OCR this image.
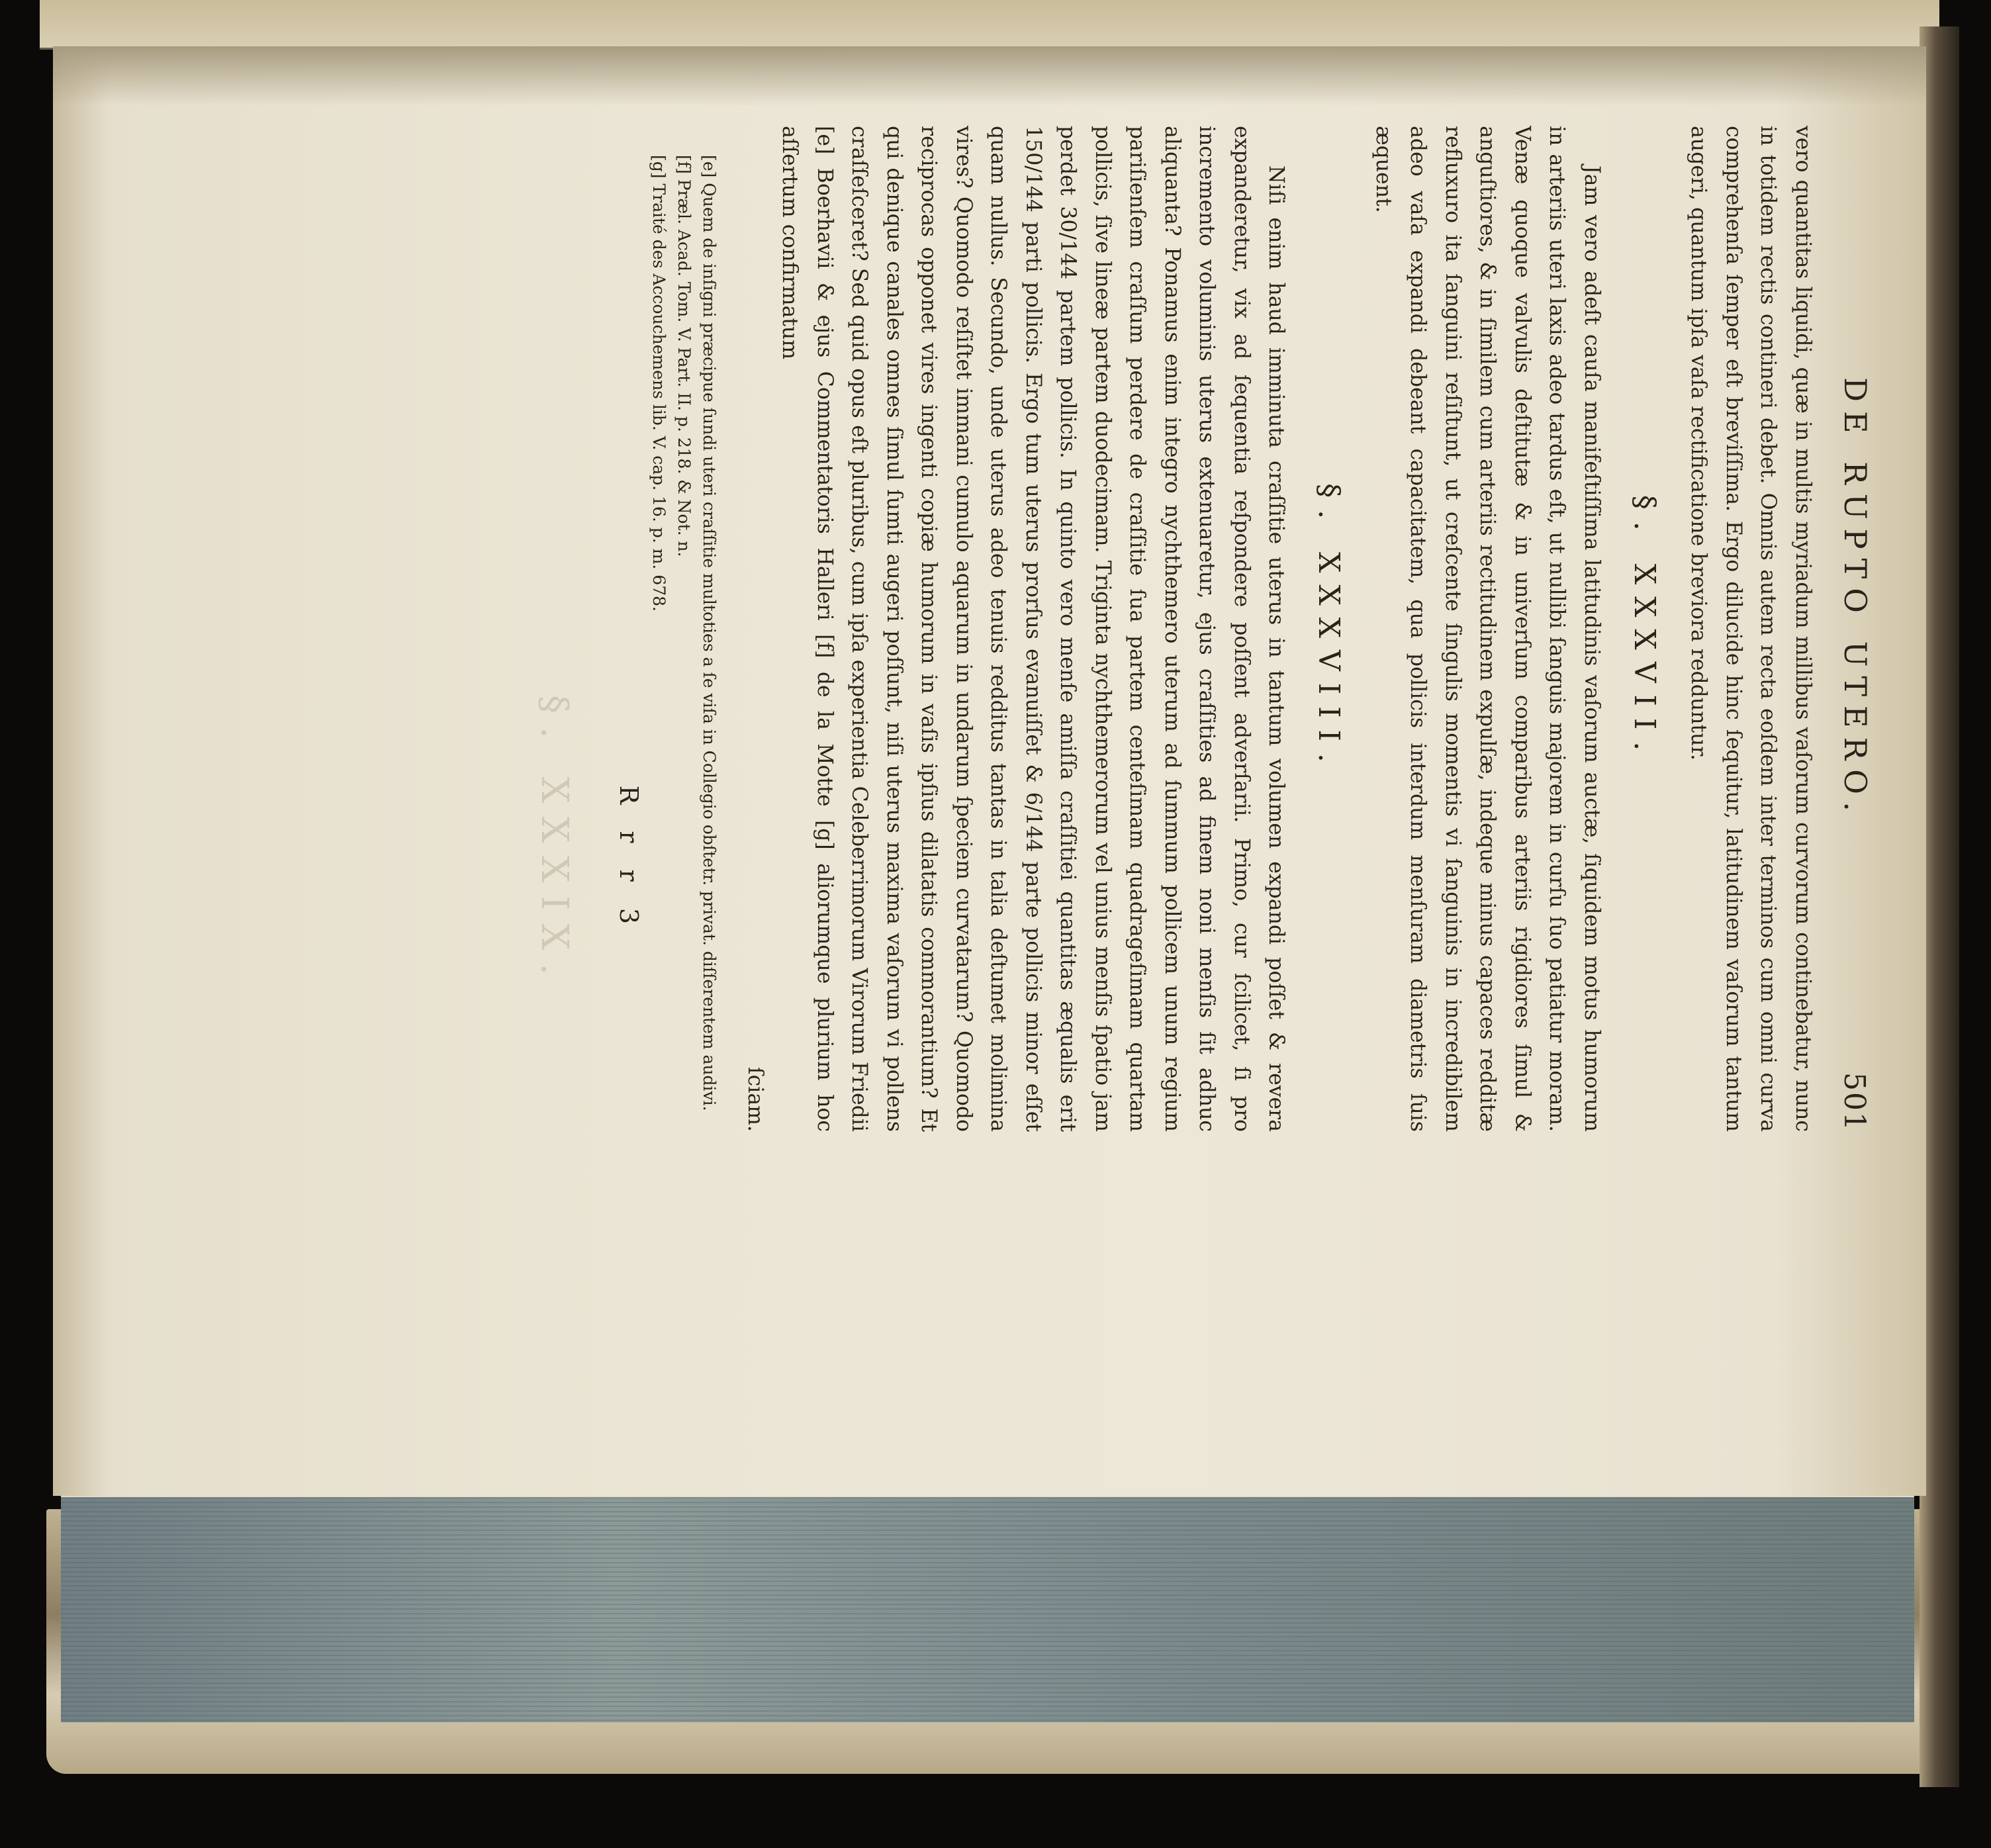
§. XXXIX.
DE RUPTO UTERO.
501

vero quantitas liquidi, quæ in multis myriadum millibus vaſorum curvorum continebatur, nunc in totidem rectis contineri debet. Omnis autem recta eoſdem inter terminos cum omni curva comprehenſa ſemper eſt breviſſima. Ergo dilucide hinc ſequitur, latitudinem vaſorum tantum augeri, quantum ipſa vaſa rectificatione breviora redduntur.

§. XXXVII.

Jam vero adeſt cauſa manifeſtiſſima latitudinis vaſorum auctæ, ſiquidem motus humorum in arteriis uteri laxis adeo tardus eſt, ut nullibi ſanguis majorem in curſu ſuo patiatur moram. Venæ quoque valvulis deſtitutæ & in univerſum comparibus arteriis rigidiores ſimul & anguſtiores, & in ſimilem cum arteriis rectitudinem expulſæ, indeque minus capaces redditæ refluxuro ita ſanguini reſiſtunt, ut creſcente ſingulis momentis vi ſanguinis in incredibilem adeo vaſa expandi debeant capacitatem, qua pollicis interdum menſuram diametris ſuis æquent.

§. XXXVIII.

Niſi enim haud imminuta craſſitie uterus in tantum volumen expandi poſſet & revera expanderetur, vix ad ſequentia reſpondere poſſent adverſarii. Primo, cur ſcilicet, ſi pro incremento voluminis uterus extenuaretur, ejus craſſities ad finem noni menſis ſit adhuc aliquanta? Ponamus enim integro nychthemero uterum ad ſummum pollicem unum regium pariſienſem craſſum perdere de craſſitie ſua partem centeſimam quadrageſimam quartam pollicis, ſive lineæ partem duodecimam. Triginta nychthemerorum vel unius menſis ſpatio jam perdet 30/144 partem pollicis. In quinto vero menſe amiſſa craſſitiei quantitas æqualis erit 150/144 parti pollicis. Ergo tum uterus prorſus evanuiſſet & 6/144 parte pollicis minor eſſet quam nullus. Secundo, unde uterus adeo tenuis redditus tantas in talia deſtumet molimina vires? Quomodo reſiſtet immani cumulo aquarum in undarum ſpeciem curvatarum? Quomodo reciprocas opponet vires ingenti copiæ humorum in vaſis ipſius dilatatis commorantium? Et qui denique canales omnes ſimul ſumti augeri poſſunt, niſi uterus maxima vaſorum vi pollens craſſeſceret? Sed quid opus eſt pluribus, cum ipſa experientia Celeberrimorum Virorum Friedii [e] Boerhavii & ejus Commentatoris Halleri [f] de la Motte [g] aliorumque plurium hoc aſſertum confirmatum

ſciam.
[e] Quem de inſigni præcipue ſundi uteri craſſitie multoties a ſe viſa in Collegio obſtetr. privat. diſſerentem audivi.
[f] Præl. Acad. Tom. V. Part. II. p. 218. & Not. n.
[g] Traité des Accouchemens lib. V. cap. 16. p. m. 678.
R r r 3
